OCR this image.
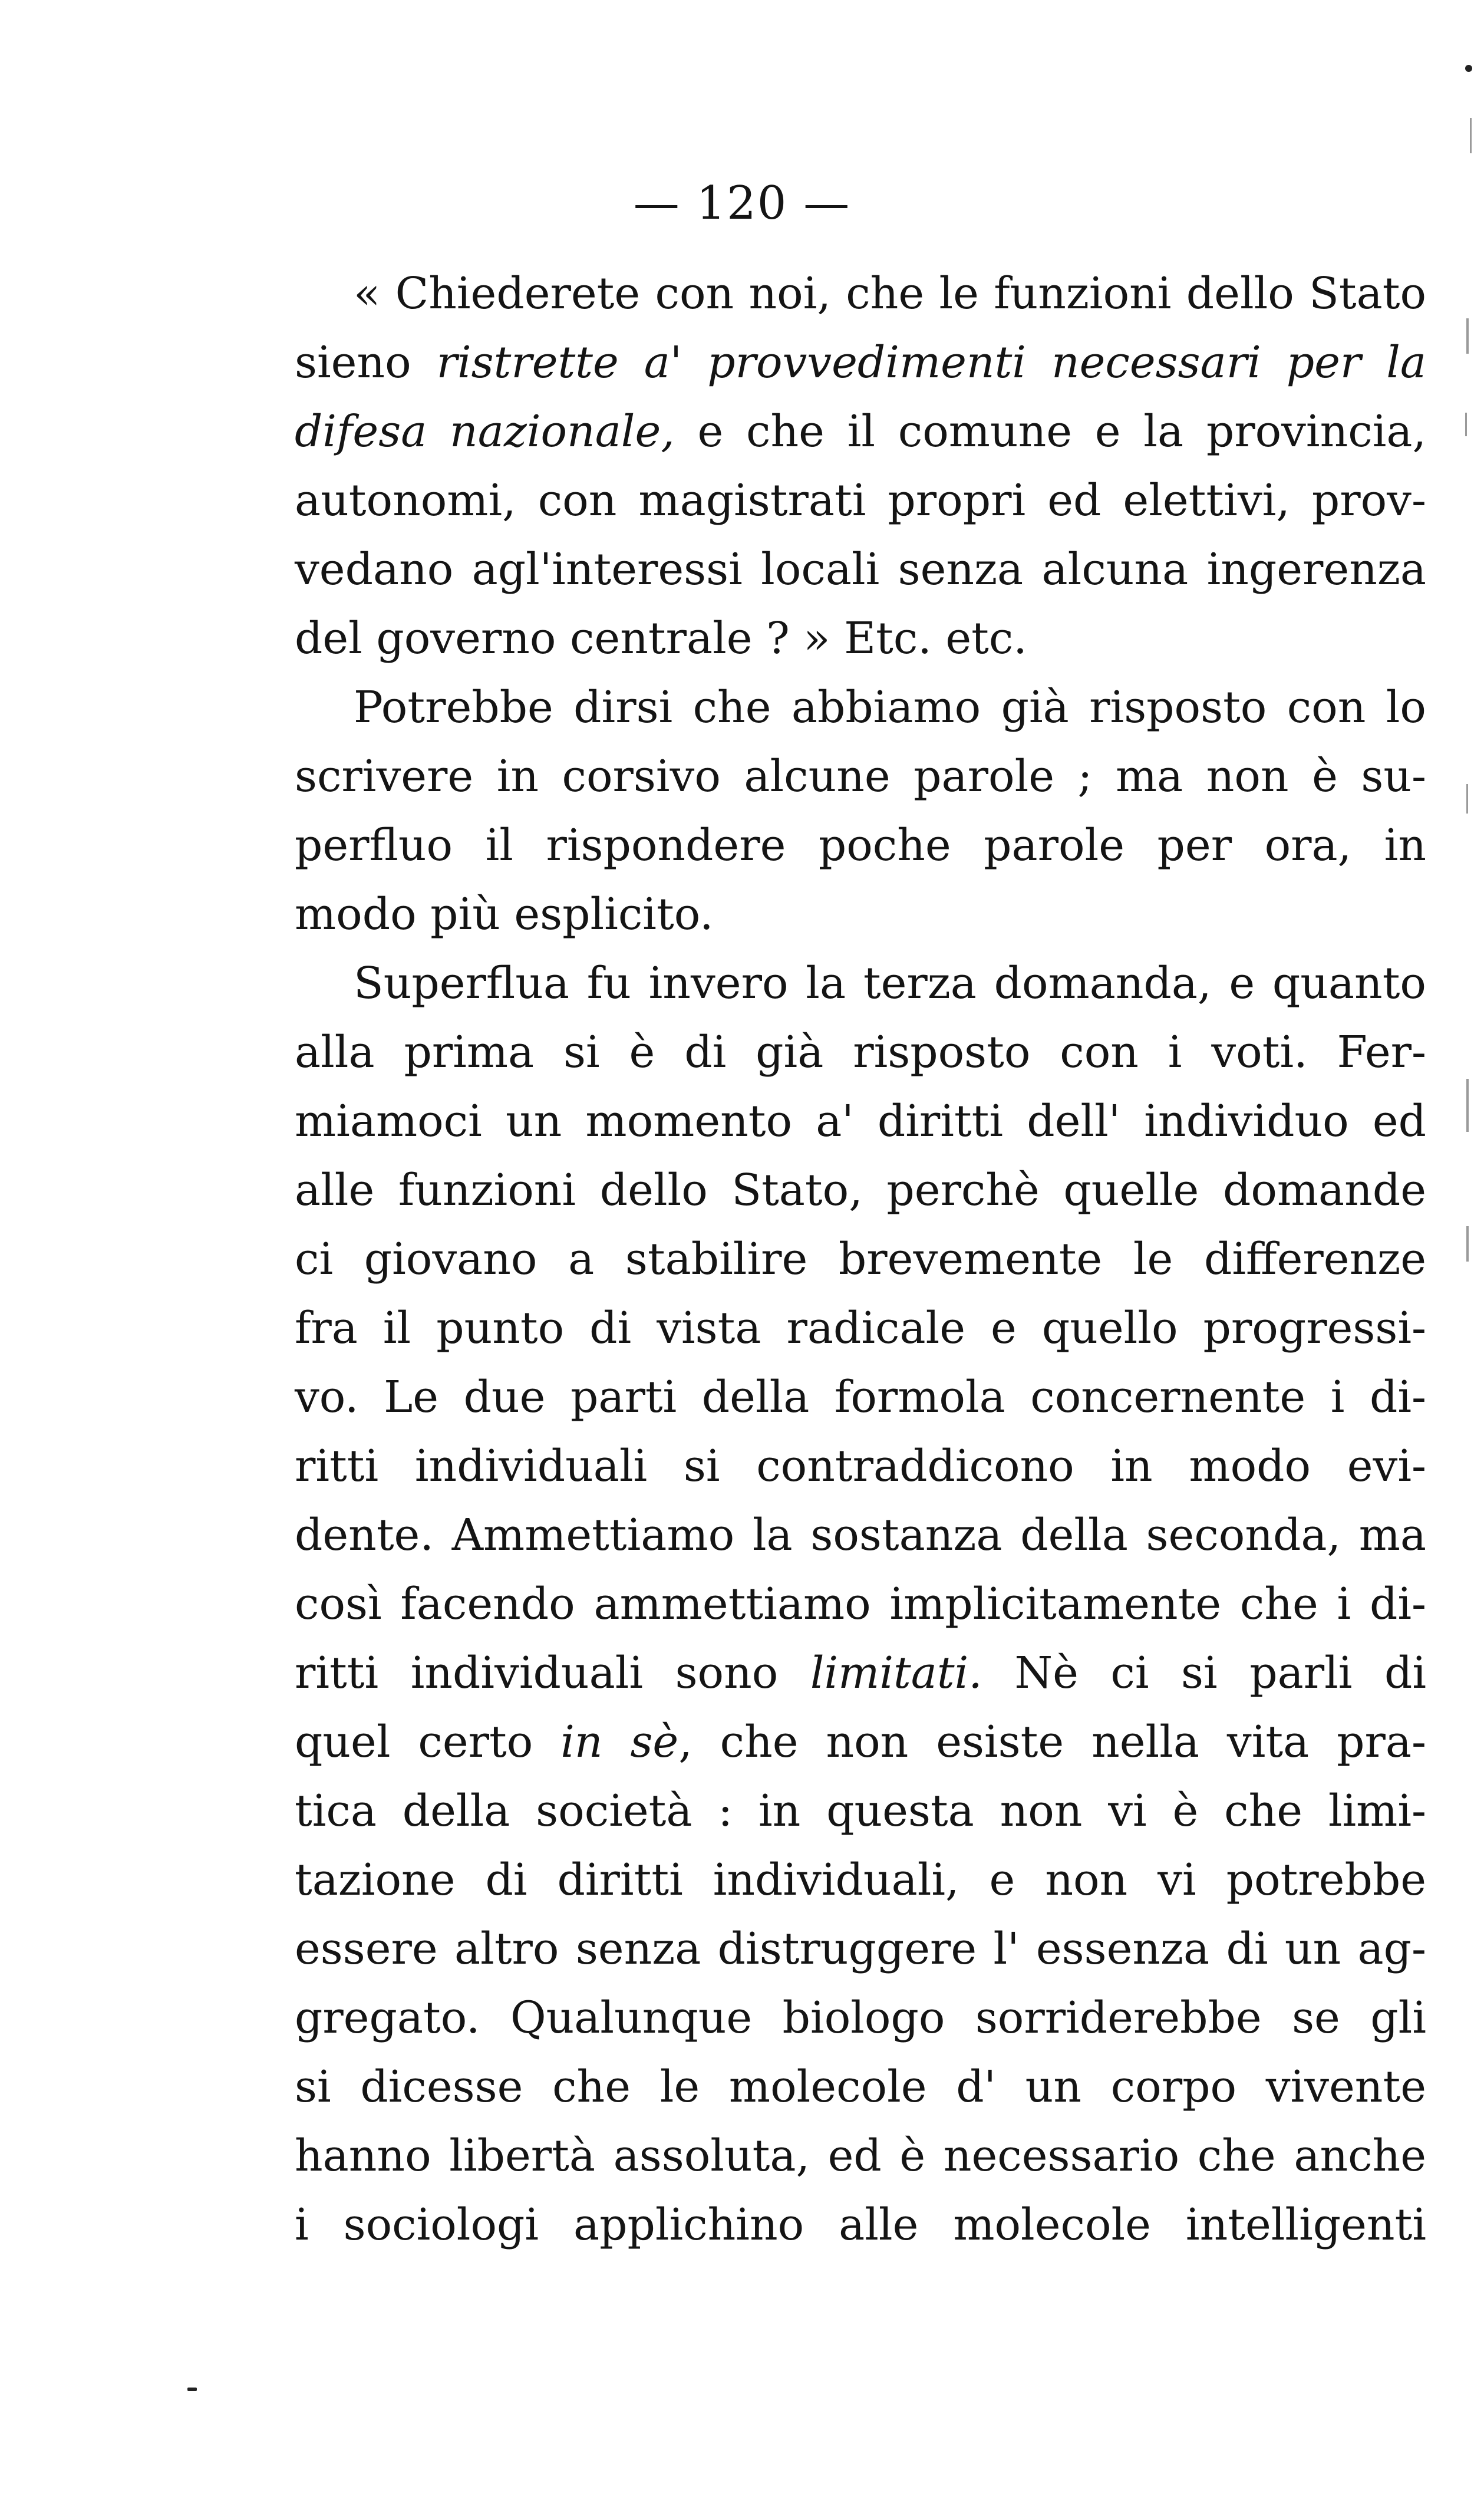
— 120 —
« Chiederete con noi, che le funzioni dello Stato
sieno ristrette a' provvedimenti necessari per la
difesa nazionale, e che il comune e la provincia,
autonomi, con magistrati propri ed elettivi, prov-
vedano agl'interessi locali senza alcuna ingerenza
del governo centrale ? » Etc. etc.
Potrebbe dirsi che abbiamo già risposto con lo
scrivere in corsivo alcune parole ; ma non è su-
perfluo il rispondere poche parole per ora, in
modo più esplicito.
Superflua fu invero la terza domanda, e quanto
alla prima si è di già risposto con i voti. Fer-
miamoci un momento a' diritti dell' individuo ed
alle funzioni dello Stato, perchè quelle domande
ci giovano a stabilire brevemente le differenze
fra il punto di vista radicale e quello progressi-
vo. Le due parti della formola concernente i di-
ritti individuali si contraddicono in modo evi-
dente. Ammettiamo la sostanza della seconda, ma
così facendo ammettiamo implicitamente che i di-
ritti individuali sono limitati. Nè ci si parli di
quel certo in sè, che non esiste nella vita pra-
tica della società : in questa non vi è che limi-
tazione di diritti individuali, e non vi potrebbe
essere altro senza distruggere l' essenza di un ag-
gregato. Qualunque biologo sorriderebbe se gli
si dicesse che le molecole d' un corpo vivente
hanno libertà assoluta, ed è necessario che anche
i sociologi applichino alle molecole intelligenti
